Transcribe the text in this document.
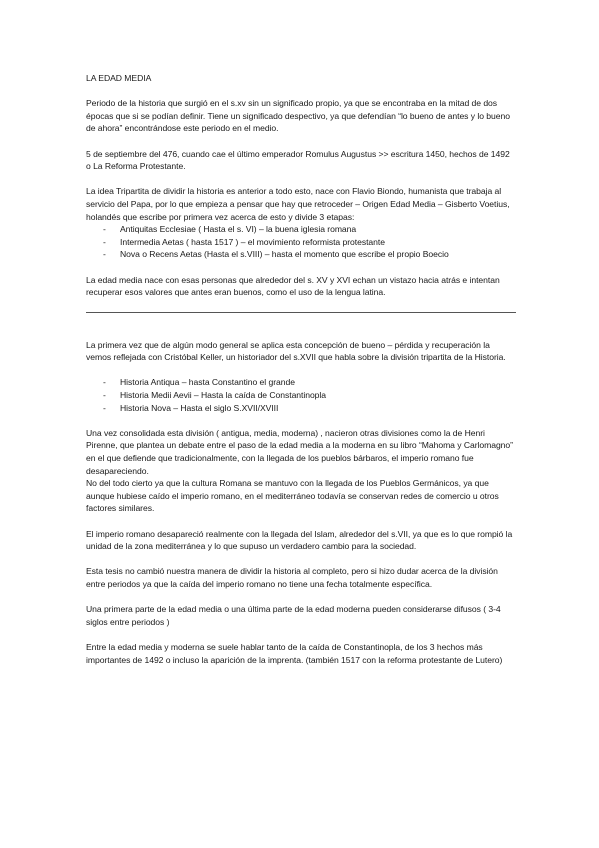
LA EDAD MEDIA

Periodo de la historia que surgió en el s.xv sin un significado propio, ya que se encontraba en la mitad de dos épocas que si se podían definir. Tiene un significado despectivo, ya que defendían “lo bueno de antes y lo bueno de ahora” encontrándose este periodo en el medio.

5 de septiembre del 476, cuando cae el último emperador Romulus Augustus >> escritura 1450, hechos de 1492 o La Reforma Protestante.

La idea Tripartita de dividir la historia es anterior a todo esto, nace con Flavio Biondo, humanista que trabaja al servicio del Papa, por lo que empieza a pensar que hay que retroceder – Origen Edad Media – Gisberto Voetius, holandés que escribe por primera vez acerca de esto y divide 3 etapas:

- Antiquitas Ecclesiae ( Hasta el s. VI) – la buena iglesia romana
- Intermedia Aetas ( hasta 1517 ) – el movimiento reformista protestante
- Nova o Recens Aetas (Hasta el s.VIII) – hasta el momento que escribe el propio Boecio

La edad media nace con esas personas que alrededor del s. XV y XVI echan un vistazo hacia atrás e intentan recuperar esos valores que antes eran buenos, como el uso de la lengua latina.

La primera vez que de algún modo general se aplica esta concepción de bueno – pérdida y recuperación la vemos reflejada con Cristóbal Keller, un historiador del s.XVII que habla sobre la división tripartita de la Historia.

- Historia Antiqua – hasta Constantino el grande
- Historia Medii Aevii – Hasta la caída de Constantinopla
- Historia Nova – Hasta el siglo S.XVII/XVIII

Una vez consolidada esta división ( antigua, media, moderna) , nacieron otras divisiones como la de Henri Pirenne, que plantea un debate entre el paso de la edad media a la moderna en su libro “Mahoma y Carlomagno” en el que defiende que tradicionalmente, con la llegada de los pueblos bárbaros, el imperio romano fue desapareciendo.

No del todo cierto ya que la cultura Romana se mantuvo con la llegada de los Pueblos Germánicos, ya que aunque hubiese caído el imperio romano, en el mediterráneo todavía se conservan redes de comercio u otros factores similares.

El imperio romano desapareció realmente con la llegada del Islam, alrededor del s.VII, ya que es lo que rompió la unidad de la zona mediterránea y lo que supuso un verdadero cambio para la sociedad.

Esta tesis no cambió nuestra manera de dividir la historia al completo, pero si hizo dudar acerca de la división entre periodos ya que la caída del imperio romano no tiene una fecha totalmente específica.

Una primera parte de la edad media o una última parte de la edad moderna pueden considerarse difusos ( 3-4 siglos entre periodos )

Entre la edad media y moderna se suele hablar tanto de la caída de Constantinopla, de los 3 hechos más importantes de 1492 o incluso la aparición de la imprenta. (también 1517 con la reforma protestante de Lutero)
